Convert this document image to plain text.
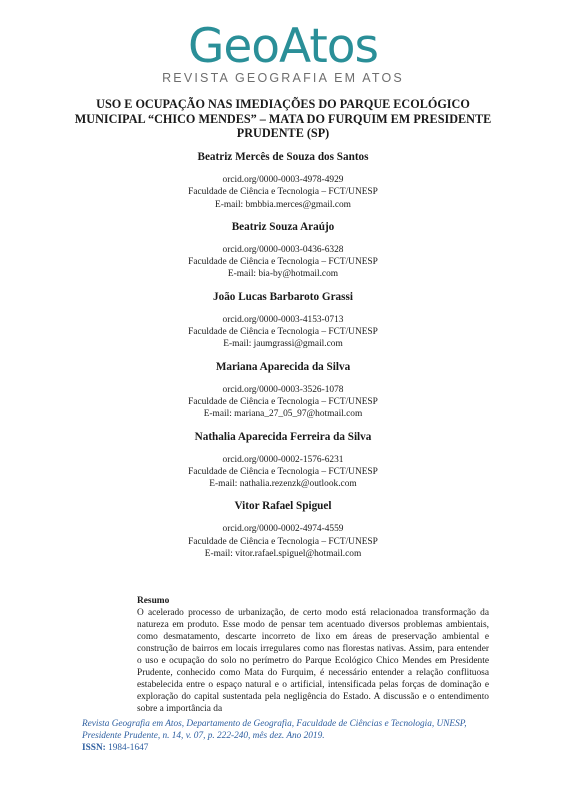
GeoAtos
REVISTA GEOGRAFIA EM ATOS
USO E OCUPAÇÃO NAS IMEDIAÇÕES DO PARQUE ECOLÓGICO MUNICIPAL “CHICO MENDES” – MATA DO FURQUIM EM PRESIDENTE PRUDENTE (SP)
Beatriz Mercês de Souza dos Santos
orcid.org/0000-0003-4978-4929
Faculdade de Ciência e Tecnologia – FCT/UNESP
E-mail: bmbbia.merces@gmail.com
Beatriz Souza Araújo
orcid.org/0000-0003-0436-6328
Faculdade de Ciência e Tecnologia – FCT/UNESP
E-mail: bia-by@hotmail.com
João Lucas Barbaroto Grassi
orcid.org/0000-0003-4153-0713
Faculdade de Ciência e Tecnologia – FCT/UNESP
E-mail: jaumgrassi@gmail.com
Mariana Aparecida da Silva
orcid.org/0000-0003-3526-1078
Faculdade de Ciência e Tecnologia – FCT/UNESP
E-mail: mariana_27_05_97@hotmail.com
Nathalia Aparecida Ferreira da Silva
orcid.org/0000-0002-1576-6231
Faculdade de Ciência e Tecnologia – FCT/UNESP
E-mail: nathalia.rezenzk@outlook.com
Vitor Rafael Spiguel
orcid.org/0000-0002-4974-4559
Faculdade de Ciência e Tecnologia – FCT/UNESP
E-mail: vitor.rafael.spiguel@hotmail.com
Resumo
O acelerado processo de urbanização, de certo modo está relacionadoa transformação da natureza em produto. Esse modo de pensar tem acentuado diversos problemas ambientais, como desmatamento, descarte incorreto de lixo em áreas de preservação ambiental e construção de bairros em locais irregulares como nas florestas nativas. Assim, para entender o uso e ocupação do solo no perímetro do Parque Ecológico Chico Mendes em Presidente Prudente, conhecido como Mata do Furquim, é necessário entender a relação conflituosa estabelecida entre o espaço natural e o artificial, intensificada pelas forças de dominação e exploração do capital sustentada pela negligência do Estado. A discussão e o entendimento sobre a importância da
Revista Geografia em Atos, Departamento de Geografia, Faculdade de Ciências e Tecnologia, UNESP, Presidente Prudente, n. 14, v. 07, p. 222-240, mês dez. Ano 2019.
ISSN: 1984-1647
